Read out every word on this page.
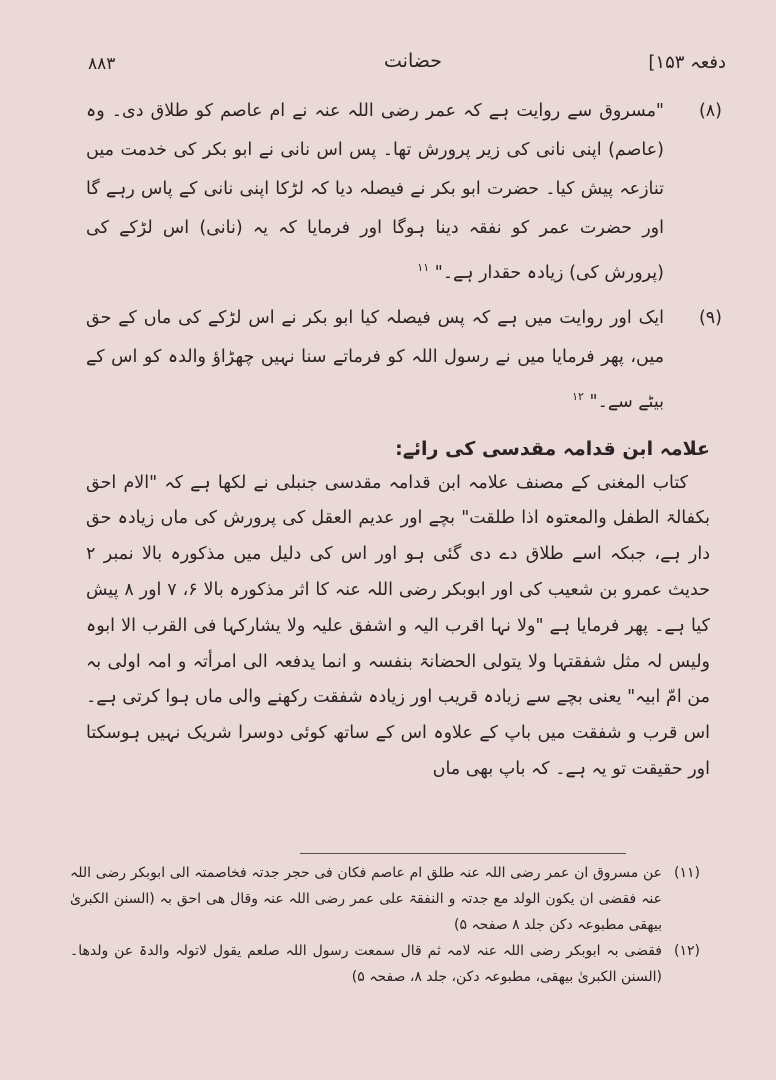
دفعہ ۱۵۳]
حضانت
۸۸۳
(۸)
"مسروق سے روایت ہے کہ عمر رضی اللہ عنہ نے ام عاصم کو طلاق دی۔ وہ (عاصم) اپنی نانی کی زیر پرورش تھا۔ پس اس نانی نے ابو بکر کی خدمت میں تنازعہ پیش کیا۔ حضرت ابو بکر نے فیصلہ دیا کہ لڑکا اپنی نانی کے پاس رہے گا اور حضرت عمر کو نفقہ دینا ہوگا اور فرمایا کہ یہ (نانی) اس لڑکے کی (پرورش کی) زیادہ حقدار ہے۔" $^{۱۱}$
(۹)
ایک اور روایت میں ہے کہ پس فیصلہ کیا ابو بکر نے اس لڑکے کی ماں کے حق میں، پھر فرمایا میں نے رسول اللہ کو فرماتے سنا نہیں چھڑاؤ والدہ کو اس کے بیٹے سے۔" $^{۱۲}$
علامہ ابن قدامہ مقدسی کی رائے:
کتاب المغنی کے مصنف علامہ ابن قدامہ مقدسی جنبلی نے لکھا ہے کہ "الام احق بکفالۃ الطفل والمعتوہ اذا طلقت" بچے اور عدیم العقل کی پرورش کی ماں زیادہ حق دار ہے، جبکہ اسے طلاق دے دی گئی ہو اور اس کی دلیل میں مذکورہ بالا نمبر ۲ حدیث عمرو بن شعیب کی اور ابوبکر رضی اللہ عنہ کا اثر مذکورہ بالا ۶، ۷ اور ۸ پیش کیا ہے۔ پھر فرمایا ہے "ولا نہا اقرب الیہ و اشفق علیہ ولا یشارکہا فی القرب الا ابوہ ولیس لہ مثل شفقتہا ولا یتولی الحضانۃ بنفسہ و انما یدفعہ الی امرأتہ و امہ اولی بہ من امّ ابیہ" یعنی بچے سے زیادہ قریب اور زیادہ شفقت رکھنے والی ماں ہوا کرتی ہے۔ اس قرب و شفقت میں باپ کے علاوہ اس کے ساتھ کوئی دوسرا شریک نہیں ہوسکتا اور حقیقت تو یہ ہے۔ کہ باپ بھی ماں
(۱۱)
عن مسروق ان عمر رضی اللہ عنہ طلق ام عاصم فکان فی حجر جدتہ فخاصمتہ الی ابوبکر رضی اللہ عنہ فقضی ان یکون الولد مع جدتہ و النفقۃ علی عمر رضی اللہ عنہ وقال ھی احق بہ (السنن الکبریٰ بیھقی مطبوعہ دکن جلد ۸ صفحہ ۵)
(۱۲)
فقضی بہ ابوبکر رضی اللہ عنہ لامہ ثم قال سمعت رسول اللہ صلعم یقول لاتولہ والدۃ عن ولدھا۔ (السنن الکبریٰ بیھقی، مطبوعہ دکن، جلد ۸، صفحہ ۵)
